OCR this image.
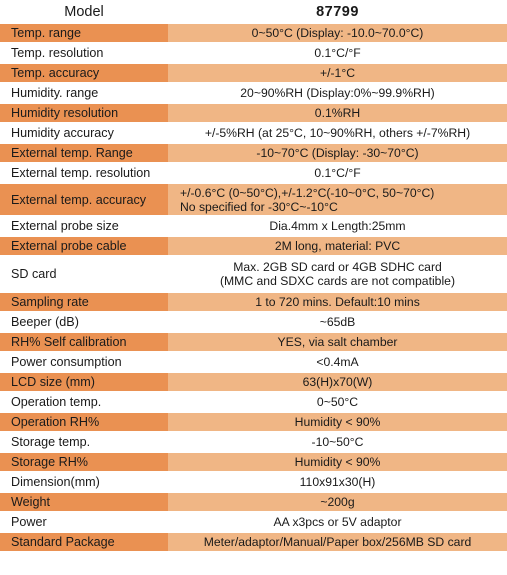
Model	87799
Temp. range	0~50°C (Display: -10.0~70.0°C)
Temp. resolution	0.1°C/°F
Temp. accuracy	+/-1°C
Humidity. range	20~90%RH (Display:0%~99.9%RH)
Humidity resolution	0.1%RH
Humidity accuracy	+/-5%RH (at 25°C, 10~90%RH, others +/-7%RH)
External temp. Range	-10~70°C (Display: -30~70°C)
External temp. resolution	0.1°C/°F
External temp. accuracy	+/-0.6°C (0~50°C),+/-1.2°C(-10~0°C, 50~70°C)
No specified for -30°C~-10°C
External probe size	Dia.4mm x Length:25mm
External probe cable	2M long, material: PVC
SD card	Max. 2GB SD card or 4GB SDHC card
(MMC and SDXC cards are not compatible)
Sampling rate	1 to 720 mins. Default:10 mins
Beeper (dB)	~65dB
RH% Self calibration	YES, via salt chamber
Power consumption	<0.4mA
LCD size (mm)	63(H)x70(W)
Operation temp.	0~50°C
Operation RH%	Humidity < 90%
Storage temp.	-10~50°C
Storage RH%	Humidity < 90%
Dimension(mm)	110x91x30(H)
Weight	~200g
Power	AA x3pcs or 5V adaptor
Standard Package	Meter/adaptor/Manual/Paper box/256MB SD card
